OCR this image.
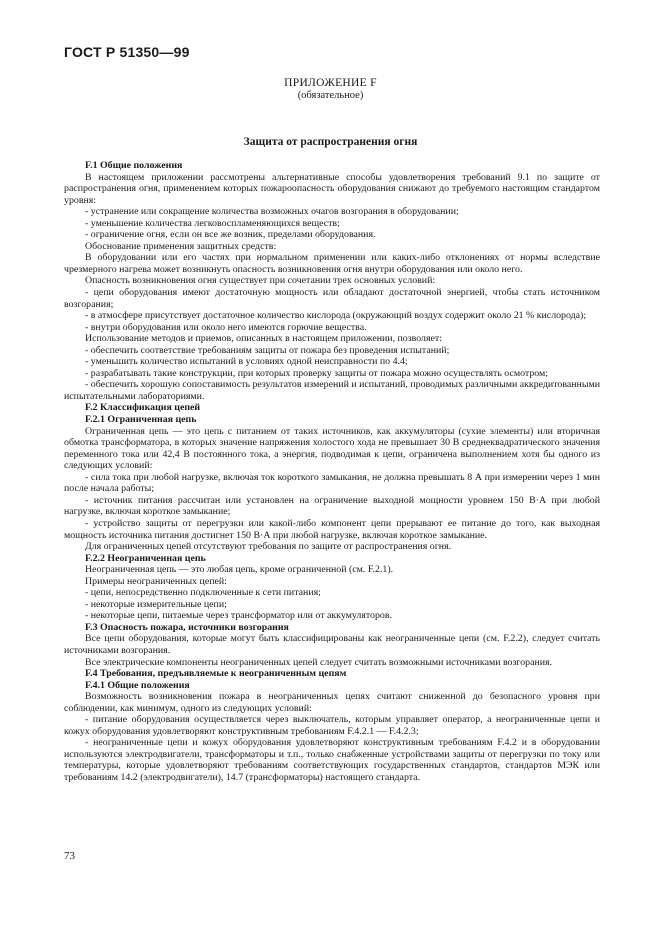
ГОСТ Р 51350—99
ПРИЛОЖЕНИЕ F
(обязательное)
Защита от распространения огня

F.1 Общие положения

В настоящем приложении рассмотрены альтернативные способы удовлетворения требований 9.1 по защите от распространения огня, применением которых пожароопасность оборудования снижают до требуемого настоящим стандартом уровня:

- устранение или сокращение количества возможных очагов возгорания в оборудовании;

- уменьшение количества легковоспламеняющихся веществ;

- ограничение огня, если он все же возник, пределами оборудования.

Обоснование применения защитных средств:

В оборудовании или его частях при нормальном применении или каких-либо отклонениях от нормы вследствие чрезмерного нагрева может возникнуть опасность возникновения огня внутри оборудования или около него.

Опасность возникновения огня существует при сочетании трех основных условий:

- цепи оборудования имеют достаточную мощность или обладают достаточной энергией, чтобы стать источником возгорания;

- в атмосфере присутствует достаточное количество кислорода (окружающий воздух содержит около 21 % кислорода);

- внутри оборудования или около него имеются горючие вещества.

Использование методов и приемов, описанных в настоящем приложении, позволяет:

- обеспечить соответствие требованиям защиты от пожара без проведения испытаний;

- уменьшить количество испытаний в условиях одной неисправности по 4.4;

- разрабатывать такие конструкции, при которых проверку защиты от пожара можно осуществлять осмотром;

- обеспечить хорошую сопоставимость результатов измерений и испытаний, проводимых различными аккредитованными испытательными лабораториями.

F.2 Классификация цепей

F.2.1 Ограниченная цепь

Ограниченная цепь — это цепь с питанием от таких источников, как аккумуляторы (сухие элементы) или вторичная обмотка трансформатора, в которых значение напряжения холостого хода не превышает 30 В среднеквадратического значения переменного тока или 42,4 В постоянного тока, а энергия, подводимая к цепи, ограничена выполнением хотя бы одного из следующих условий:

- сила тока при любой нагрузке, включая ток короткого замыкания, не должна превышать 8 А при измерении через 1 мин после начала работы;

- источник питания рассчитан или установлен на ограничение выходной мощности уровнем 150 В·А при любой нагрузке, включая короткое замыкание;

- устройство защиты от перегрузки или какой-либо компонент цепи прерывают ее питание до того, как выходная мощность источника питания достигнет 150 В·А при любой нагрузке, включая короткое замыкание.

Для ограниченных цепей отсутствуют требования по защите от распространения огня.

F.2.2 Неограниченная цепь

Неограниченная цепь — это любая цепь, кроме ограниченной (см. F.2.1).

Примеры неограниченных цепей:

- цепи, непосредственно подключенные к сети питания;

- некоторые измерительные цепи;

- некоторые цепи, питаемые через трансформатор или от аккумуляторов.

F.3 Опасность пожара, источники возгорания

Все цепи оборудования, которые могут быть классифицированы как неограниченные цепи (см. F.2.2), следует считать источниками возгорания.

Все электрические компоненты неограниченных цепей следует считать возможными источниками возгорания.

F.4 Требования, предъявляемые к неограниченным цепям

F.4.1 Общие положения

Возможность возникновения пожара в неограниченных цепях считают сниженной до безопасного уровня при соблюдении, как минимум, одного из следующих условий:

- питание оборудования осуществляется через выключатель, которым управляет оператор, а неограниченные цепи и кожух оборудования удовлетворяют конструктивным требованиям F.4.2.1 — F.4.2.3;

- неограниченные цепи и кожух оборудования удовлетворяют конструктивным требованиям F.4.2 и в оборудовании используются электродвигатели, трансформаторы и т.п., только снабженные устройствами защиты от перегрузки по току или температуры, которые удовлетворяют требованиям соответствующих государственных стандартов, стандартов МЭК или требованиям 14.2 (электродвигатели), 14.7 (трансформаторы) настоящего стандарта.

73
